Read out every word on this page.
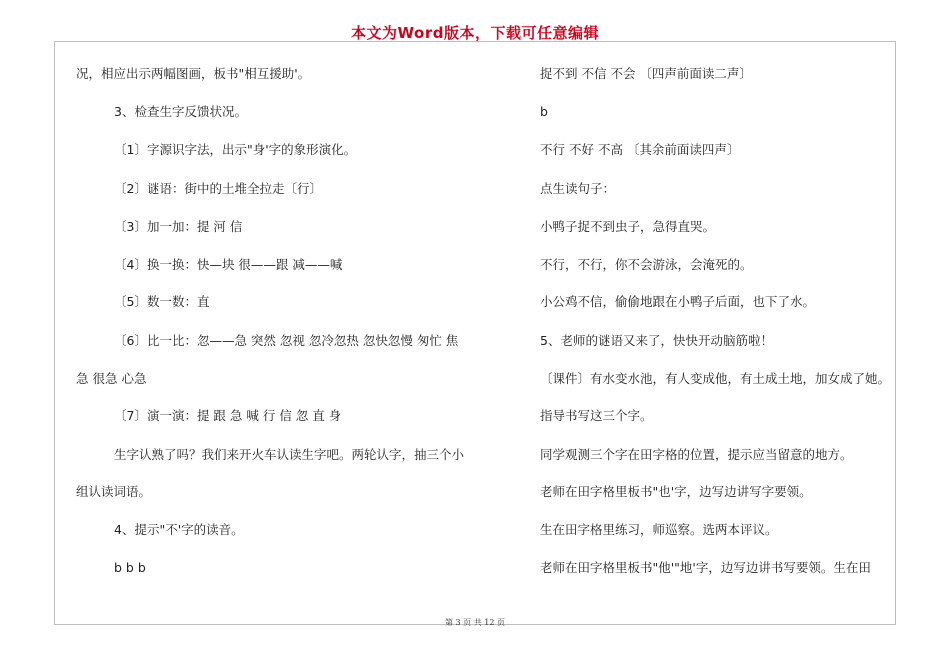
本文为Word版本，下载可任意编辑
况，相应出示两幅图画，板书"相互援助'。
3、检查生字反馈状况。
〔1〕字源识字法，出示"身'字的象形演化。
〔2〕谜语：街中的土堆全拉走〔行〕
〔3〕加一加：提 河 信
〔4〕换一换：快—块 很——跟 减——喊
〔5〕数一数：直
〔6〕比一比：忽——急 突然 忽视 忽冷忽热 忽快忽慢 匆忙 焦
急 很急 心急
〔7〕演一演：提 跟 急 喊 行 信 忽 直 身
生字认熟了吗？我们来开火车认读生字吧。两轮认字，抽三个小
组认读词语。
4、提示"不'字的读音。
b b b
捉不到 不信 不会 〔四声前面读二声〕
b
不行 不好 不高 〔其余前面读四声〕
点生读句子：
小鸭子捉不到虫子，急得直哭。
不行，不行，你不会游泳，会淹死的。
小公鸡不信，偷偷地跟在小鸭子后面，也下了水。
5、老师的谜语又来了，快快开动脑筋啦！
〔课件〕有水变水池，有人变成他，有土成土地，加女成了她。
指导书写这三个字。
同学观测三个字在田字格的位置，提示应当留意的地方。
老师在田字格里板书"也'字，边写边讲写字要领。
生在田字格里练习，师巡察。选两本评议。
老师在田字格里板书"他'"地'字，边写边讲书写要领。生在田
第 3 页 共 12 页
